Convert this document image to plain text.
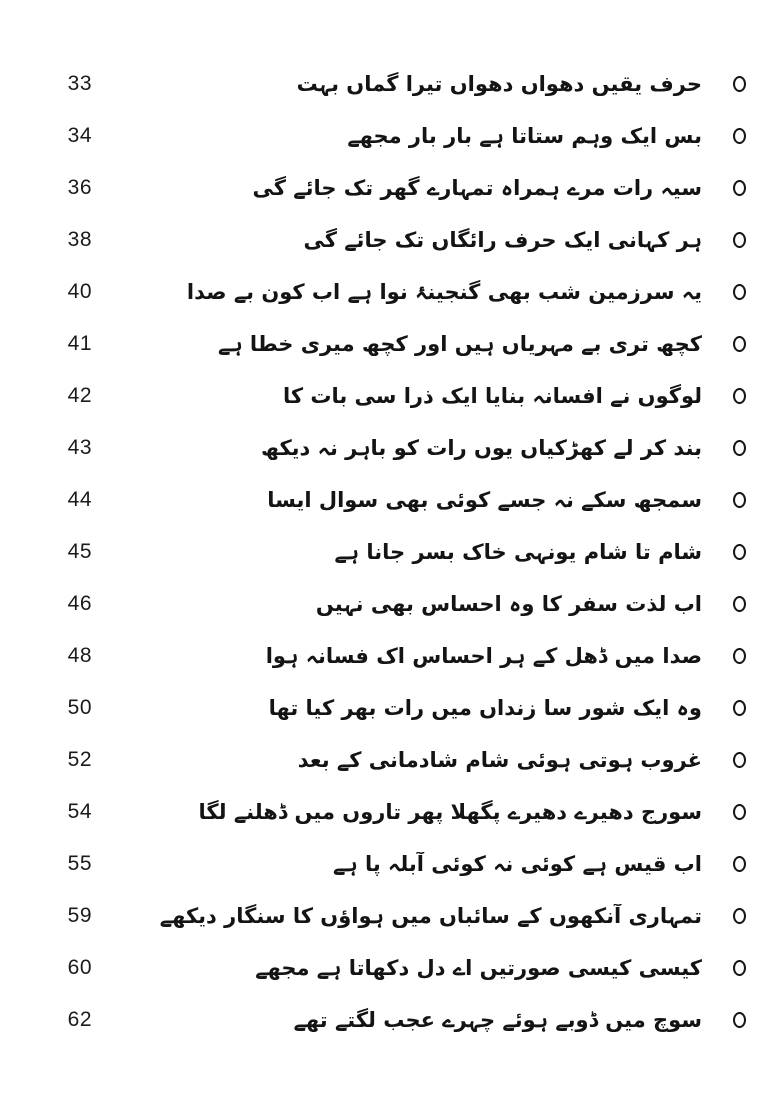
33	حرف یقیں دھواں دھواں تیرا گماں بہت
34	بس ایک وہم ستاتا ہے بار بار مجھے
36	سیہ رات مرے ہمراہ تمہارے گھر تک جائے گی
38	ہر کہانی ایک حرف رائگاں تک جائے گی
40	یہ سرزمین شب بھی گنجینۂ نوا ہے اب کون بے صدا
41	کچھ تری بے مہریاں ہیں اور کچھ میری خطا ہے
42	لوگوں نے افسانہ بنایا ایک ذرا سی بات کا
43	بند کر لے کھڑکیاں یوں رات کو باہر نہ دیکھ
44	سمجھ سکے نہ جسے کوئی بھی سوال ایسا
45	شام تا شام یونہی خاک بسر جانا ہے
46	اب لذت سفر کا وہ احساس بھی نہیں
48	صدا میں ڈھل کے ہر احساس اک فسانہ ہوا
50	وہ ایک شور سا زنداں میں رات بھر کیا تھا
52	غروب ہوتی ہوئی شام شادمانی کے بعد
54	سورج دھیرے دھیرے پگھلا پھر تاروں میں ڈھلنے لگا
55	اب قیس ہے کوئی نہ کوئی آبلہ پا ہے
59	تمہاری آنکھوں کے سائباں میں ہواؤں کا سنگار دیکھے
60	کیسی کیسی صورتیں اے دل دکھاتا ہے مجھے
62	سوچ میں ڈوبے ہوئے چہرے عجب لگتے تھے
